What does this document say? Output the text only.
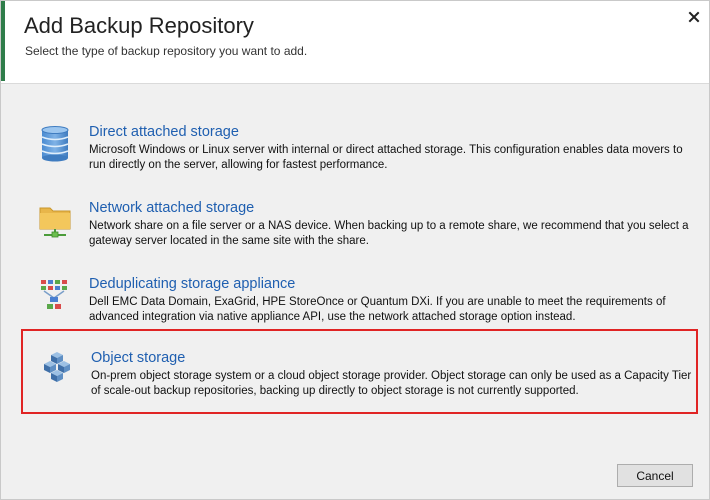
Add Backup Repository
Select the type of backup repository you want to add.
Direct attached storage
Microsoft Windows or Linux server with internal or direct attached storage. This configuration enables data movers to run directly on the server, allowing for fastest performance.
Network attached storage
Network share on a file server or a NAS device. When backing up to a remote share, we recommend that you select a gateway server located in the same site with the share.
Deduplicating storage appliance
Dell EMC Data Domain, ExaGrid, HPE StoreOnce or Quantum DXi. If you are unable to meet the requirements of advanced integration via native appliance API, use the network attached storage option instead.
Object storage
On-prem object storage system or a cloud object storage provider. Object storage can only be used as a Capacity Tier of scale-out backup repositories, backing up directly to object storage is not currently supported.
Cancel
